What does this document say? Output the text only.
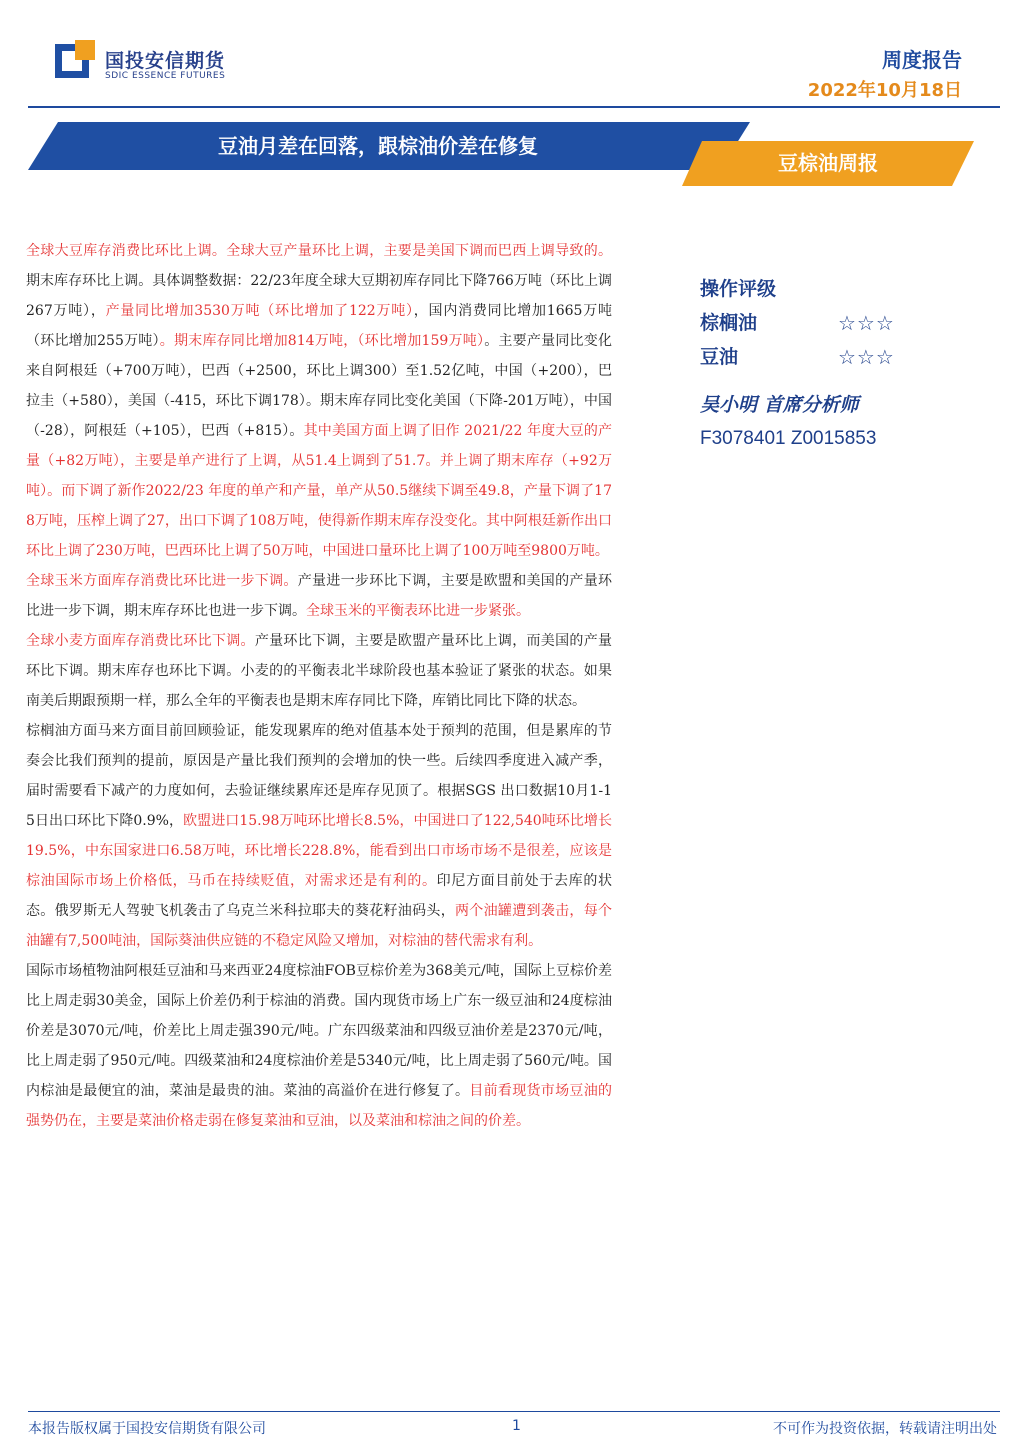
国投安信期货
SDIC ESSENCE FUTURES
周度报告
2022年10月18日
豆油月差在回落，跟棕油价差在修复
豆棕油周报

全球大豆库存消费比环比上调。全球大豆产量环比上调，主要是美国下调而巴西上调导致的。期末库存环比上调。具体调整数据：22/23年度全球大豆期初库存同比下降766万吨（环比上调267万吨），产量同比增加3530万吨（环比增加了122万吨），国内消费同比增加1665万吨（环比增加255万吨）。期末库存同比增加814万吨，（环比增加159万吨）。主要产量同比变化来自阿根廷（+700万吨），巴西（+2500，环比上调300）至1.52亿吨，中国（+200），巴拉圭（+580），美国（-415，环比下调178）。期末库存同比变化美国（下降-201万吨），中国（-28），阿根廷（+105），巴西（+815）。其中美国方面上调了旧作 2021/22 年度大豆的产量（+82万吨），主要是单产进行了上调，从51.4上调到了51.7。并上调了期末库存（+92万吨）。而下调了新作2022/23 年度的单产和产量，单产从50.5继续下调至49.8，产量下调了178万吨，压榨上调了27，出口下调了108万吨，使得新作期末库存没变化。其中阿根廷新作出口环比上调了230万吨，巴西环比上调了50万吨，中国进口量环比上调了100万吨至9800万吨。

全球玉米方面库存消费比环比进一步下调。产量进一步环比下调，主要是欧盟和美国的产量环比进一步下调，期末库存环比也进一步下调。全球玉米的平衡表环比进一步紧张。

全球小麦方面库存消费比环比下调。产量环比下调，主要是欧盟产量环比上调，而美国的产量环比下调。期末库存也环比下调。小麦的的平衡表北半球阶段也基本验证了紧张的状态。如果南美后期跟预期一样，那么全年的平衡表也是期末库存同比下降，库销比同比下降的状态。

棕榈油方面马来方面目前回顾验证，能发现累库的绝对值基本处于预判的范围，但是累库的节奏会比我们预判的提前，原因是产量比我们预判的会增加的快一些。后续四季度进入减产季，届时需要看下减产的力度如何，去验证继续累库还是库存见顶了。根据SGS 出口数据10月1-15日出口环比下降0.9%，欧盟进口15.98万吨环比增长8.5%，中国进口了122,540吨环比增长19.5%，中东国家进口6.58万吨，环比增长228.8%，能看到出口市场市场不是很差，应该是棕油国际市场上价格低，马币在持续贬值，对需求还是有利的。印尼方面目前处于去库的状态。俄罗斯无人驾驶飞机袭击了乌克兰米科拉耶夫的葵花籽油码头，两个油罐遭到袭击，每个油罐有7,500吨油，国际葵油供应链的不稳定风险又增加，对棕油的替代需求有利。

国际市场植物油阿根廷豆油和马来西亚24度棕油FOB豆棕价差为368美元/吨，国际上豆棕价差比上周走弱30美金，国际上价差仍利于棕油的消费。国内现货市场上广东一级豆油和24度棕油价差是3070元/吨，价差比上周走强390元/吨。广东四级菜油和四级豆油价差是2370元/吨，比上周走弱了950元/吨。四级菜油和24度棕油价差是5340元/吨，比上周走弱了560元/吨。国内棕油是最便宜的油，菜油是最贵的油。菜油的高溢价在进行修复了。目前看现货市场豆油的强势仍在，主要是菜油价格走弱在修复菜油和豆油，以及菜油和棕油之间的价差。

操作评级
棕榈油	☆☆☆
豆油	☆☆☆
吴小明 首席分析师
F3078401 Z0015853
本报告版权属于国投安信期货有限公司	1	不可作为投资依据，转载请注明出处
